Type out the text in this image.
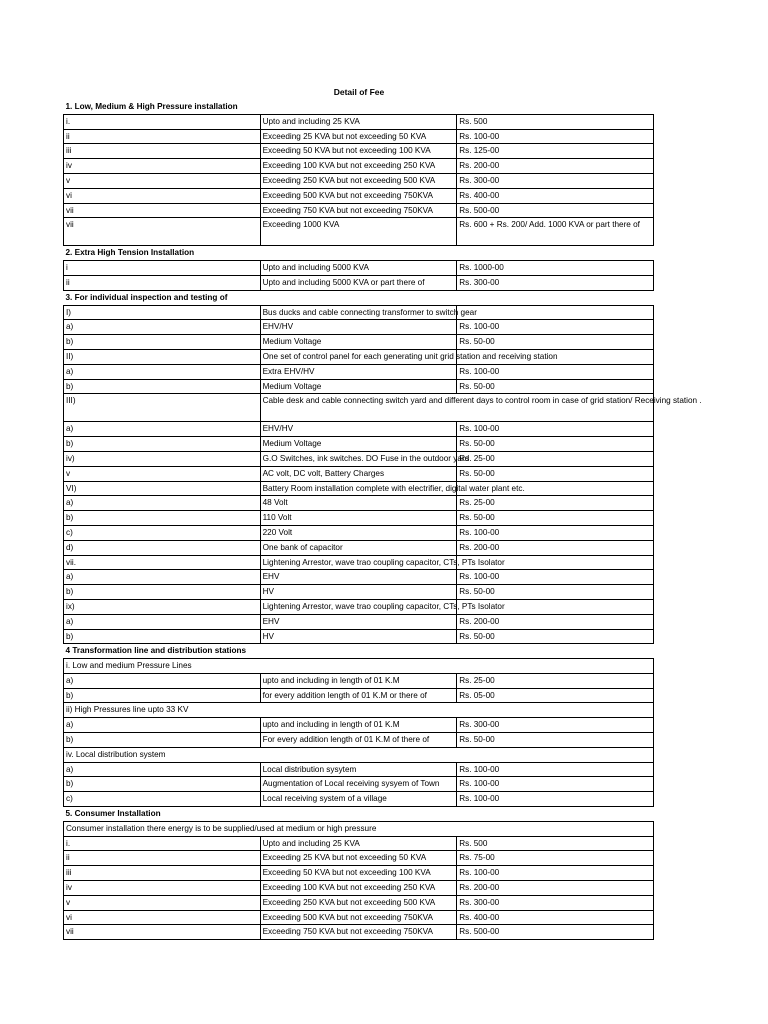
Detail of Fee
1. Low, Medium & High Pressure installation		
i.	Upto and including 25 KVA	Rs. 500
ii	Exceeding 25 KVA but not exceeding 50 KVA	Rs. 100-00
iii	Exceeding 50 KVA but not exceeding 100 KVA	Rs. 125-00
iv	Exceeding 100 KVA but not exceeding 250 KVA	Rs. 200-00
v	Exceeding 250 KVA but not exceeding 500 KVA	Rs. 300-00
vi	Exceeding 500 KVA but not exceeding 750KVA	Rs. 400-00
vii	Exceeding 750 KVA but not exceeding 750KVA	Rs. 500-00
vii	Exceeding 1000 KVA	Rs. 600 + Rs. 200/ Add. 1000 KVA or part there of
2. Extra High Tension Installation		
i	Upto and including 5000 KVA	Rs. 1000-00
ii	Upto and including 5000 KVA or part there of	Rs. 300-00
3. For individual inspection and testing of		
I)	Bus ducks and cable connecting transformer to switch gear	
a)	EHV/HV	Rs. 100-00
b)	Medium Voltage	Rs. 50-00
II)	One set of control panel for each generating unit grid station and receiving station	
a)	Extra EHV/HV	Rs. 100-00
b)	Medium Voltage	Rs. 50-00
III)	Cable desk and cable connecting switch yard and different days to control room in case of grid station/ Receiving station .	
a)	EHV/HV	Rs. 100-00
b)	Medium Voltage	Rs. 50-00
iv)	G.O Switches, ink switches. DO Fuse in the outdoor yard	Rs. 25-00
v	AC volt, DC volt, Battery Charges	Rs. 50-00
VI)	Battery Room installation complete with electrifier, digital water plant etc.	
a)	48 Volt	Rs. 25-00
b)	110 Volt	Rs. 50-00
c)	220 Volt	Rs. 100-00
d)	One bank of capacitor	Rs. 200-00
vii.	Lightening Arrestor, wave trao coupling capacitor, CTs, PTs Isolator	
a)	EHV	Rs. 100-00
b)	HV	Rs. 50-00
ix)	Lightening Arrestor, wave trao coupling capacitor, CTs, PTs Isolator	
a)	EHV	Rs. 200-00
b)	HV	Rs. 50-00
4 Transformation line and distribution stations		
i. Low and medium Pressure Lines		
a)	upto and including in length of 01 K.M	Rs. 25-00
b)	for every addition length of 01 K.M or there of	Rs. 05-00
ii) High Pressures line upto 33 KV		
a)	upto and including in length of 01 K.M	Rs. 300-00
b)	For every addition length of 01 K.M of there of	Rs. 50-00
iv. Local distribution system		
a)	Local distribution sysytem	Rs. 100-00
b)	Augmentation of Local receiving sysyem of Town	Rs. 100-00
c)	Local receiving system of a village	Rs. 100-00
5. Consumer Installation		
Consumer installation there energy is to be supplied/used at medium or high pressure		
i.	Upto and including 25 KVA	Rs. 500
ii	Exceeding 25 KVA but not exceeding 50 KVA	Rs. 75-00
iii	Exceeding 50 KVA but not exceeding 100 KVA	Rs. 100-00
iv	Exceeding 100 KVA but not exceeding 250 KVA	Rs. 200-00
v	Exceeding 250 KVA but not exceeding 500 KVA	Rs. 300-00
vi	Exceeding 500 KVA but not exceeding 750KVA	Rs. 400-00
vii	Exceeding 750 KVA but not exceeding 750KVA	Rs. 500-00
